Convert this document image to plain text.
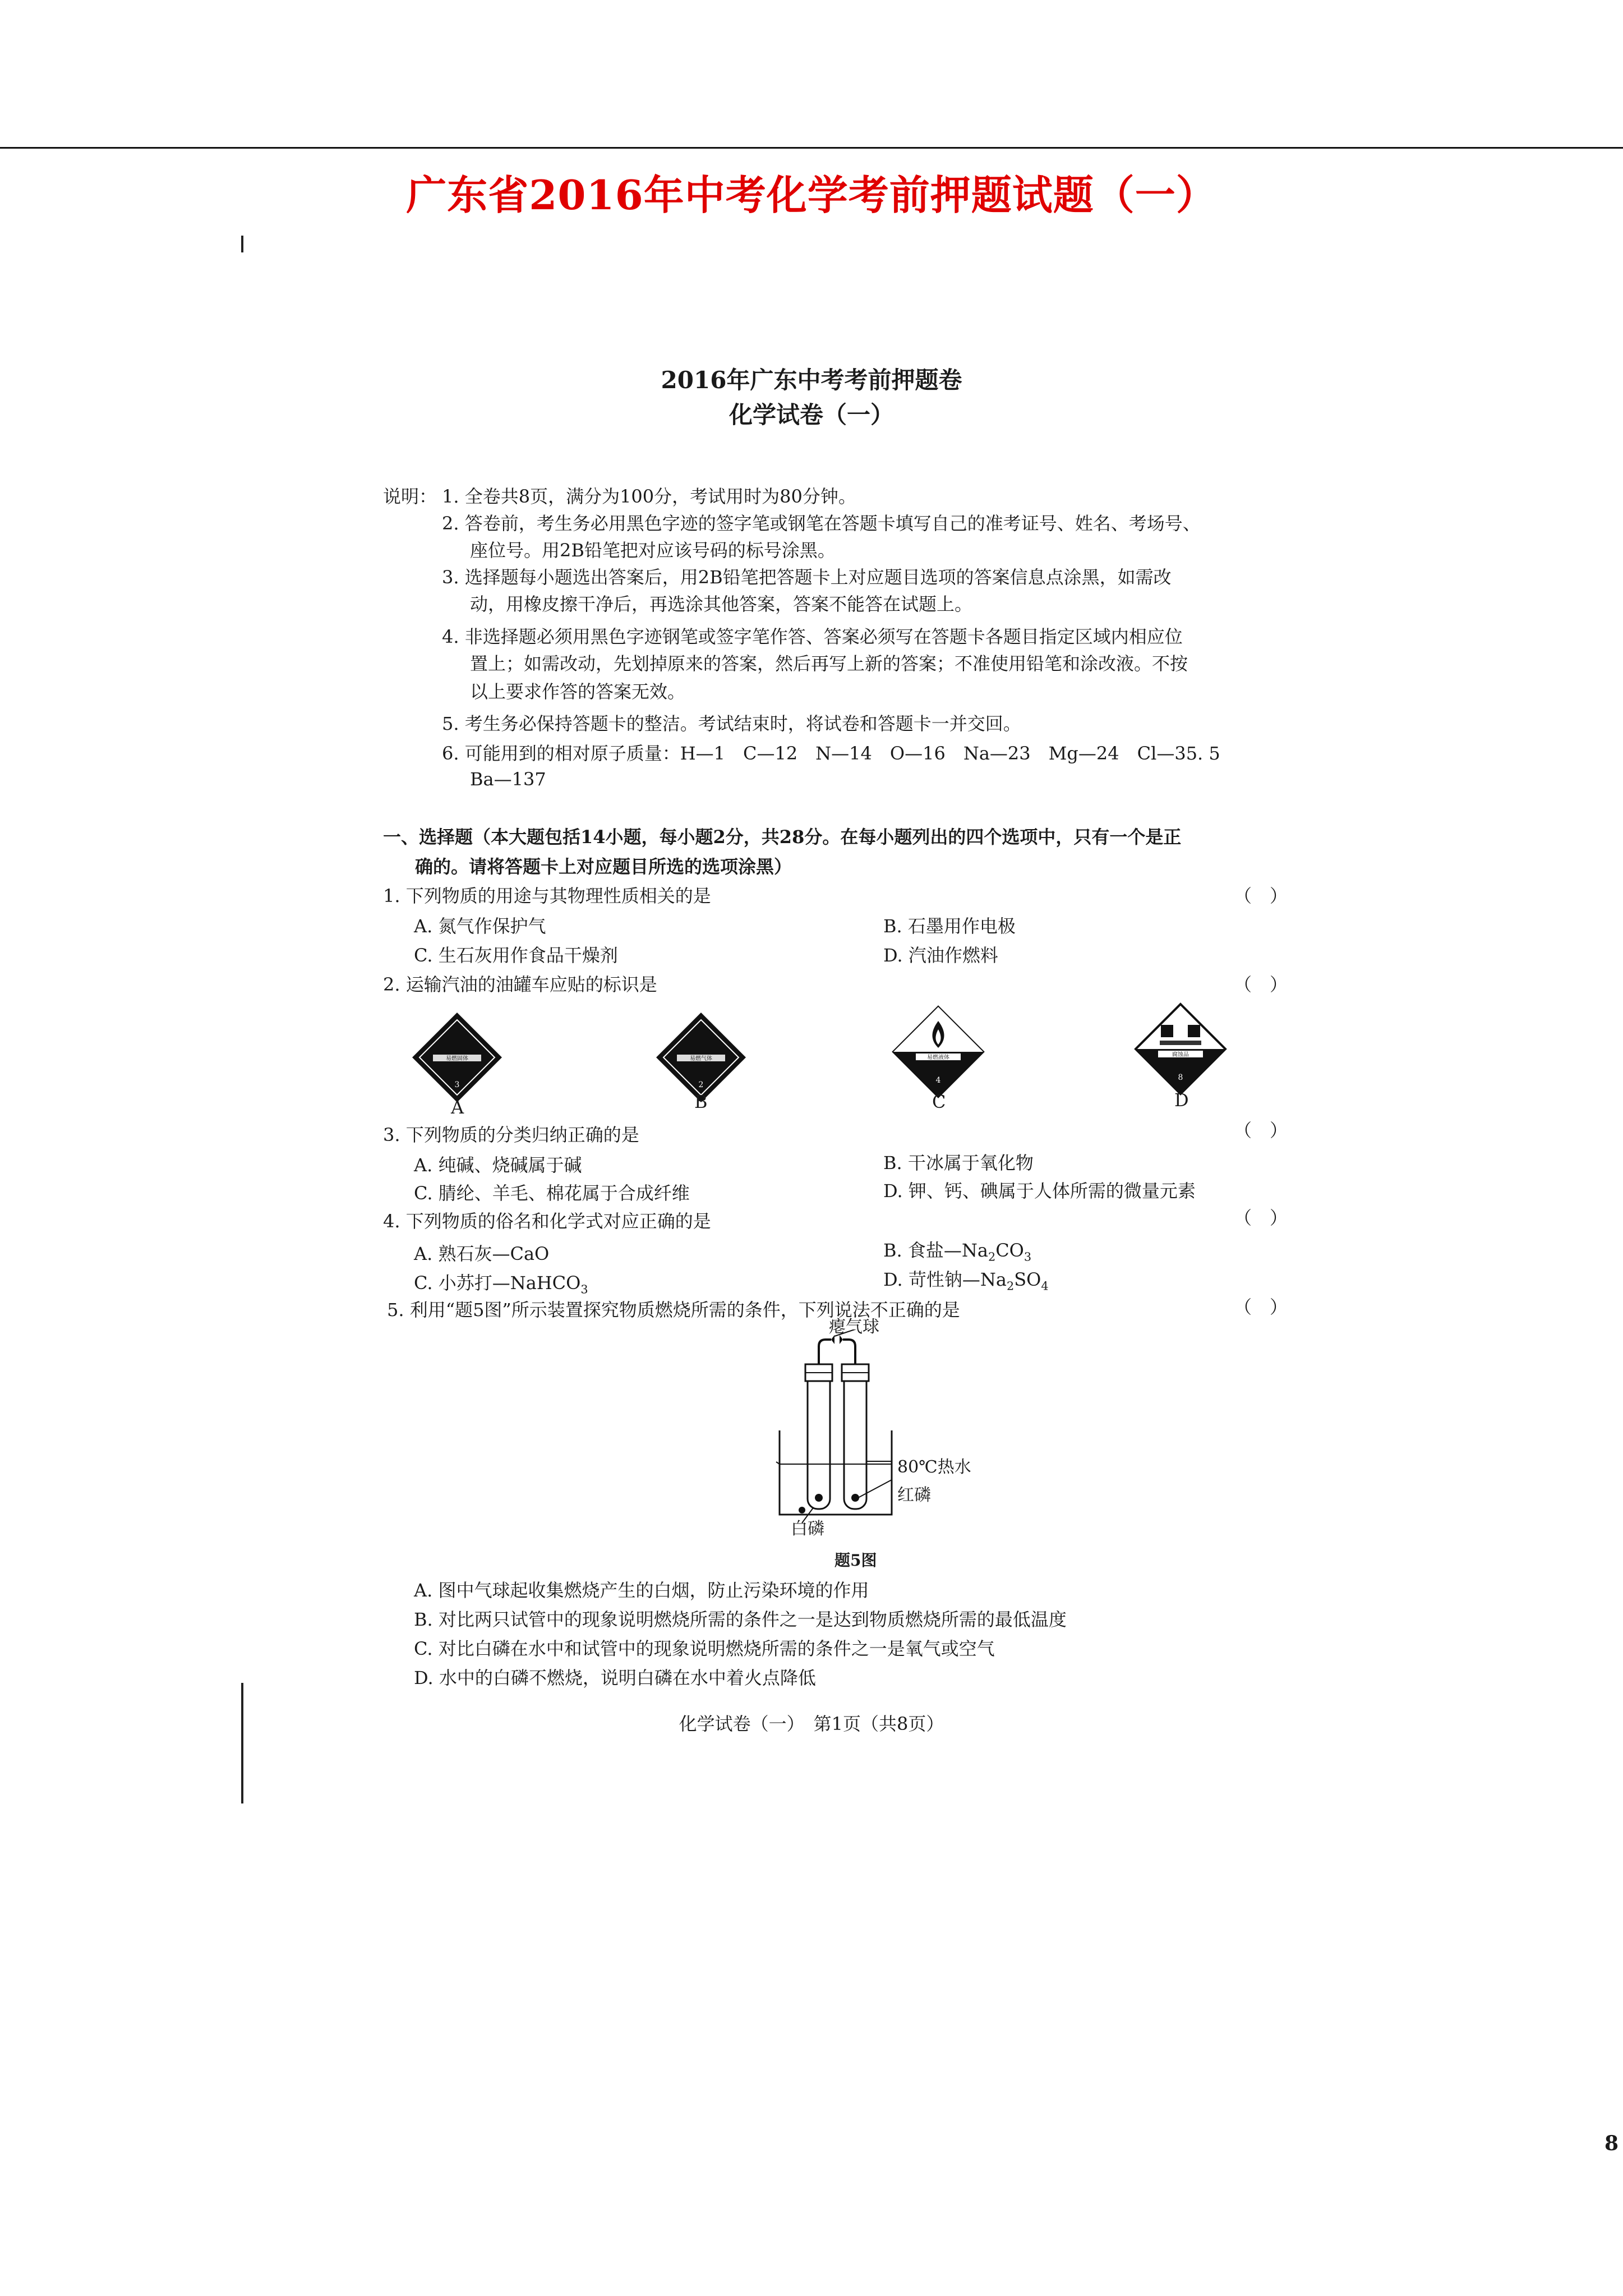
广东省2016年中考化学考前押题试题（一）
2016年广东中考考前押题卷
化学试卷（一）
说明： 1. 全卷共8页，满分为100分，考试用时为80分钟。
2. 答卷前，考生务必用黑色字迹的签字笔或钢笔在答题卡填写自己的准考证号、姓名、考场号、
座位号。用2B铅笔把对应该号码的标号涂黑。
3. 选择题每小题选出答案后，用2B铅笔把答题卡上对应题目选项的答案信息点涂黑，如需改
动，用橡皮擦干净后，再选涂其他答案，答案不能答在试题上。
4. 非选择题必须用黑色字迹钢笔或签字笔作答、答案必须写在答题卡各题目指定区域内相应位
置上；如需改动，先划掉原来的答案，然后再写上新的答案；不准使用铅笔和涂改液。不按
以上要求作答的答案无效。
5. 考生务必保持答题卡的整洁。考试结束时，将试卷和答题卡一并交回。
6. 可能用到的相对原子质量：H—1　C—12　N—14　O—16　Na—23　Mg—24　Cl—35. 5
Ba—137
一、选择题（本大题包括14小题，每小题2分，共28分。在每小题列出的四个选项中，只有一个是正
确的。请将答题卡上对应题目所选的选项涂黑）
1. 下列物质的用途与其物理性质相关的是	（　）
A. 氮气作保护气	B. 石墨用作电极
C. 生石灰用作食品干燥剂	D. 汽油作燃料
2. 运输汽油的油罐车应贴的标识是	（　）
3
易燃固体
A
2
易燃气体
B
易燃液体
4
C
腐蚀品
8
D
3. 下列物质的分类归纳正确的是	（　）
A. 纯碱、烧碱属于碱	B. 干冰属于氧化物
C. 腈纶、羊毛、棉花属于合成纤维	D. 钾、钙、碘属于人体所需的微量元素
4. 下列物质的俗名和化学式对应正确的是	（　）
A. 熟石灰—CaO	B. 食盐$—Na_2CO_3$
C. 小苏打—NaHCO$_3$	D. 苛性钠$—Na_2SO_4$
5. 利用“题5图”所示装置探究物质燃烧所需的条件，下列说法不正确的是	（　）
瘪气球
80℃热水
红磷
白磷
题5图
A. 图中气球起收集燃烧产生的白烟，防止污染环境的作用
B. 对比两只试管中的现象说明燃烧所需的条件之一是达到物质燃烧所需的最低温度
C. 对比白磷在水中和试管中的现象说明燃烧所需的条件之一是氧气或空气
D. 水中的白磷不燃烧，说明白磷在水中着火点降低
化学试卷（一）　第1页（共8页）
8
